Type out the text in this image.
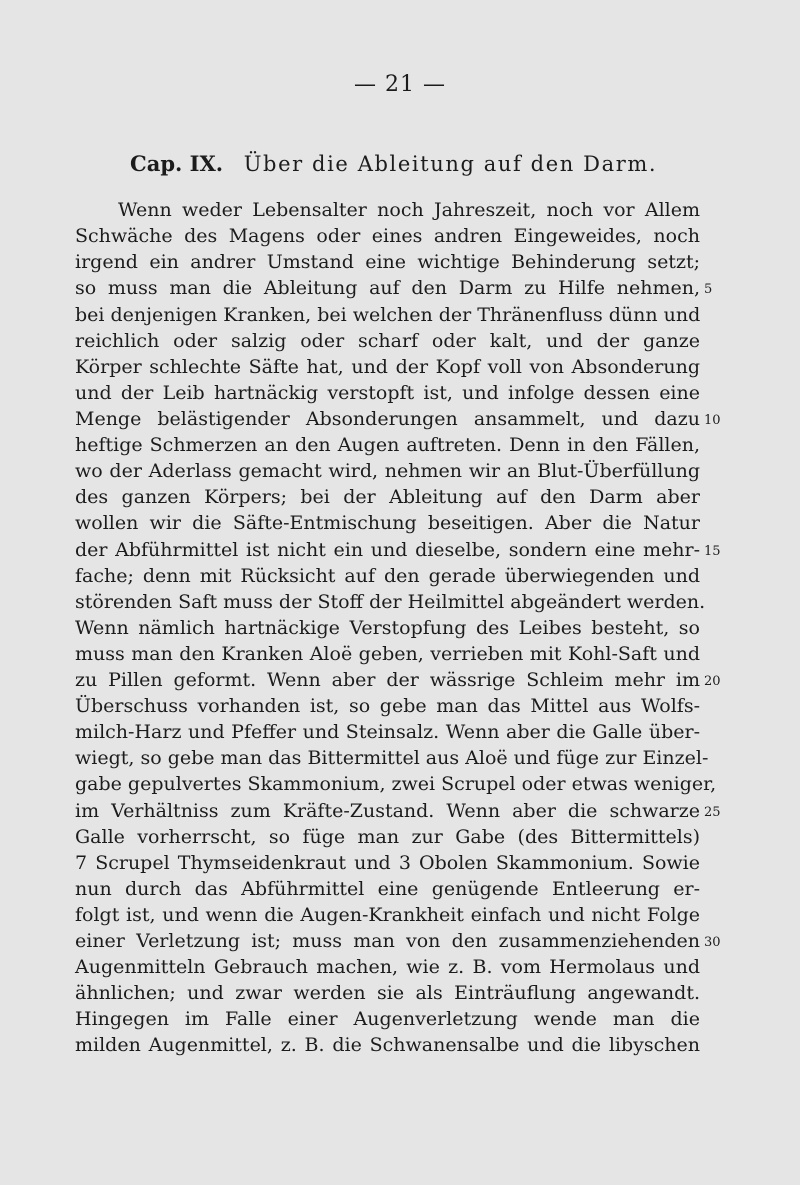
— 21 —
Cap. IX. Über die Ableitung auf den Darm.
Wenn weder Lebensalter noch Jahreszeit, noch vor Allem
Schwäche des Magens oder eines andren Eingeweides, noch
irgend ein andrer Umstand eine wichtige Behinderung setzt;
so muss man die Ableitung auf den Darm zu Hilfe nehmen,
bei denjenigen Kranken, bei welchen der Thränenfluss dünn und
reichlich oder salzig oder scharf oder kalt, und der ganze
Körper schlechte Säfte hat, und der Kopf voll von Absonderung
und der Leib hartnäckig verstopft ist, und infolge dessen eine
Menge belästigender Absonderungen ansammelt, und dazu
heftige Schmerzen an den Augen auftreten. Denn in den Fällen,
wo der Aderlass gemacht wird, nehmen wir an Blut-Überfüllung
des ganzen Körpers; bei der Ableitung auf den Darm aber
wollen wir die Säfte-Entmischung beseitigen. Aber die Natur
der Abführmittel ist nicht ein und dieselbe, sondern eine mehr-
fache; denn mit Rücksicht auf den gerade überwiegenden und
störenden Saft muss der Stoff der Heilmittel abgeändert werden.
Wenn nämlich hartnäckige Verstopfung des Leibes besteht, so
muss man den Kranken Aloë geben, verrieben mit Kohl-Saft und
zu Pillen geformt. Wenn aber der wässrige Schleim mehr im
Überschuss vorhanden ist, so gebe man das Mittel aus Wolfs-
milch-Harz und Pfeffer und Steinsalz. Wenn aber die Galle über-
wiegt, so gebe man das Bittermittel aus Aloë und füge zur Einzel-
gabe gepulvertes Skammonium, zwei Scrupel oder etwas weniger,
im Verhältniss zum Kräfte-Zustand. Wenn aber die schwarze
Galle vorherrscht, so füge man zur Gabe (des Bittermittels)
7 Scrupel Thymseidenkraut und 3 Obolen Skammonium. Sowie
nun durch das Abführmittel eine genügende Entleerung er-
folgt ist, und wenn die Augen-Krankheit einfach und nicht Folge
einer Verletzung ist; muss man von den zusammenziehenden
Augenmitteln Gebrauch machen, wie z. B. vom Hermolaus und
ähnlichen; und zwar werden sie als Einträuflung angewandt.
Hingegen im Falle einer Augenverletzung wende man die
milden Augenmittel, z. B. die Schwanensalbe und die libyschen
5
10
15
20
25
30
